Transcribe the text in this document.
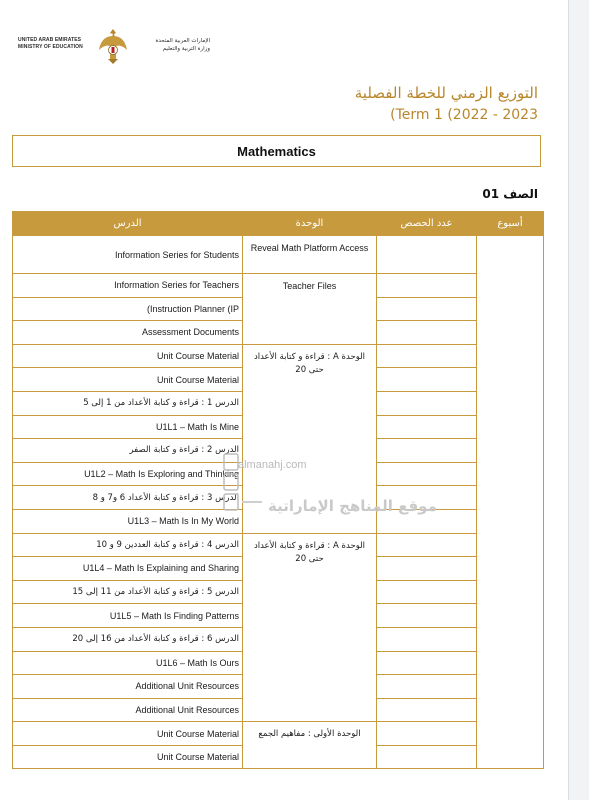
UNITED ARAB EMIRATES
MINISTRY OF EDUCATION
الإمارات العربية المتحدة
وزارة التربية والتعليم
التوزيع الزمني للخطة الفصلية
(Term 1 (2022 - 2023
Mathematics
الصف 01
الدرس	الوحدة	عدد الحصص	أسبوع
Information Series for Students	Reveal Math Platform Access		
Information Series for Teachers	Teacher Files		
(Instruction Planner (IP			
Assessment Documents			
Unit Course Material	الوحدة A : قراءة و كتابة الأعداد حتى 20		
Unit Course Material			
الدرس 1 : قراءة و كتابة الأعداد من 1 إلى 5			
U1L1 – Math Is Mine			
الدرس 2 : قراءة و كتابة الصفر			
U1L2 – Math Is Exploring and Thinking			
الدرس 3 : قراءة و كتابة الأعداد 6 و7 و 8			
U1L3 – Math Is In My World			
الدرس 4 : قراءة و كتابة العددين 9 و 10	الوحدة A : قراءة و كتابة الأعداد حتى 20		
U1L4 – Math Is Explaining and Sharing			
الدرس 5 : قراءة و كتابة الأعداد من 11 إلى 15			
U1L5 – Math Is Finding Patterns			
الدرس 6 : قراءة و كتابة الأعداد من 16 إلى 20			
U1L6 – Math Is Ours			
Additional Unit Resources			
Additional Unit Resources			
Unit Course Material	الوحدة الأولى : مفاهيم الجمع		
Unit Course Material			
almanahj.com
موقع المناهج الإماراتية
